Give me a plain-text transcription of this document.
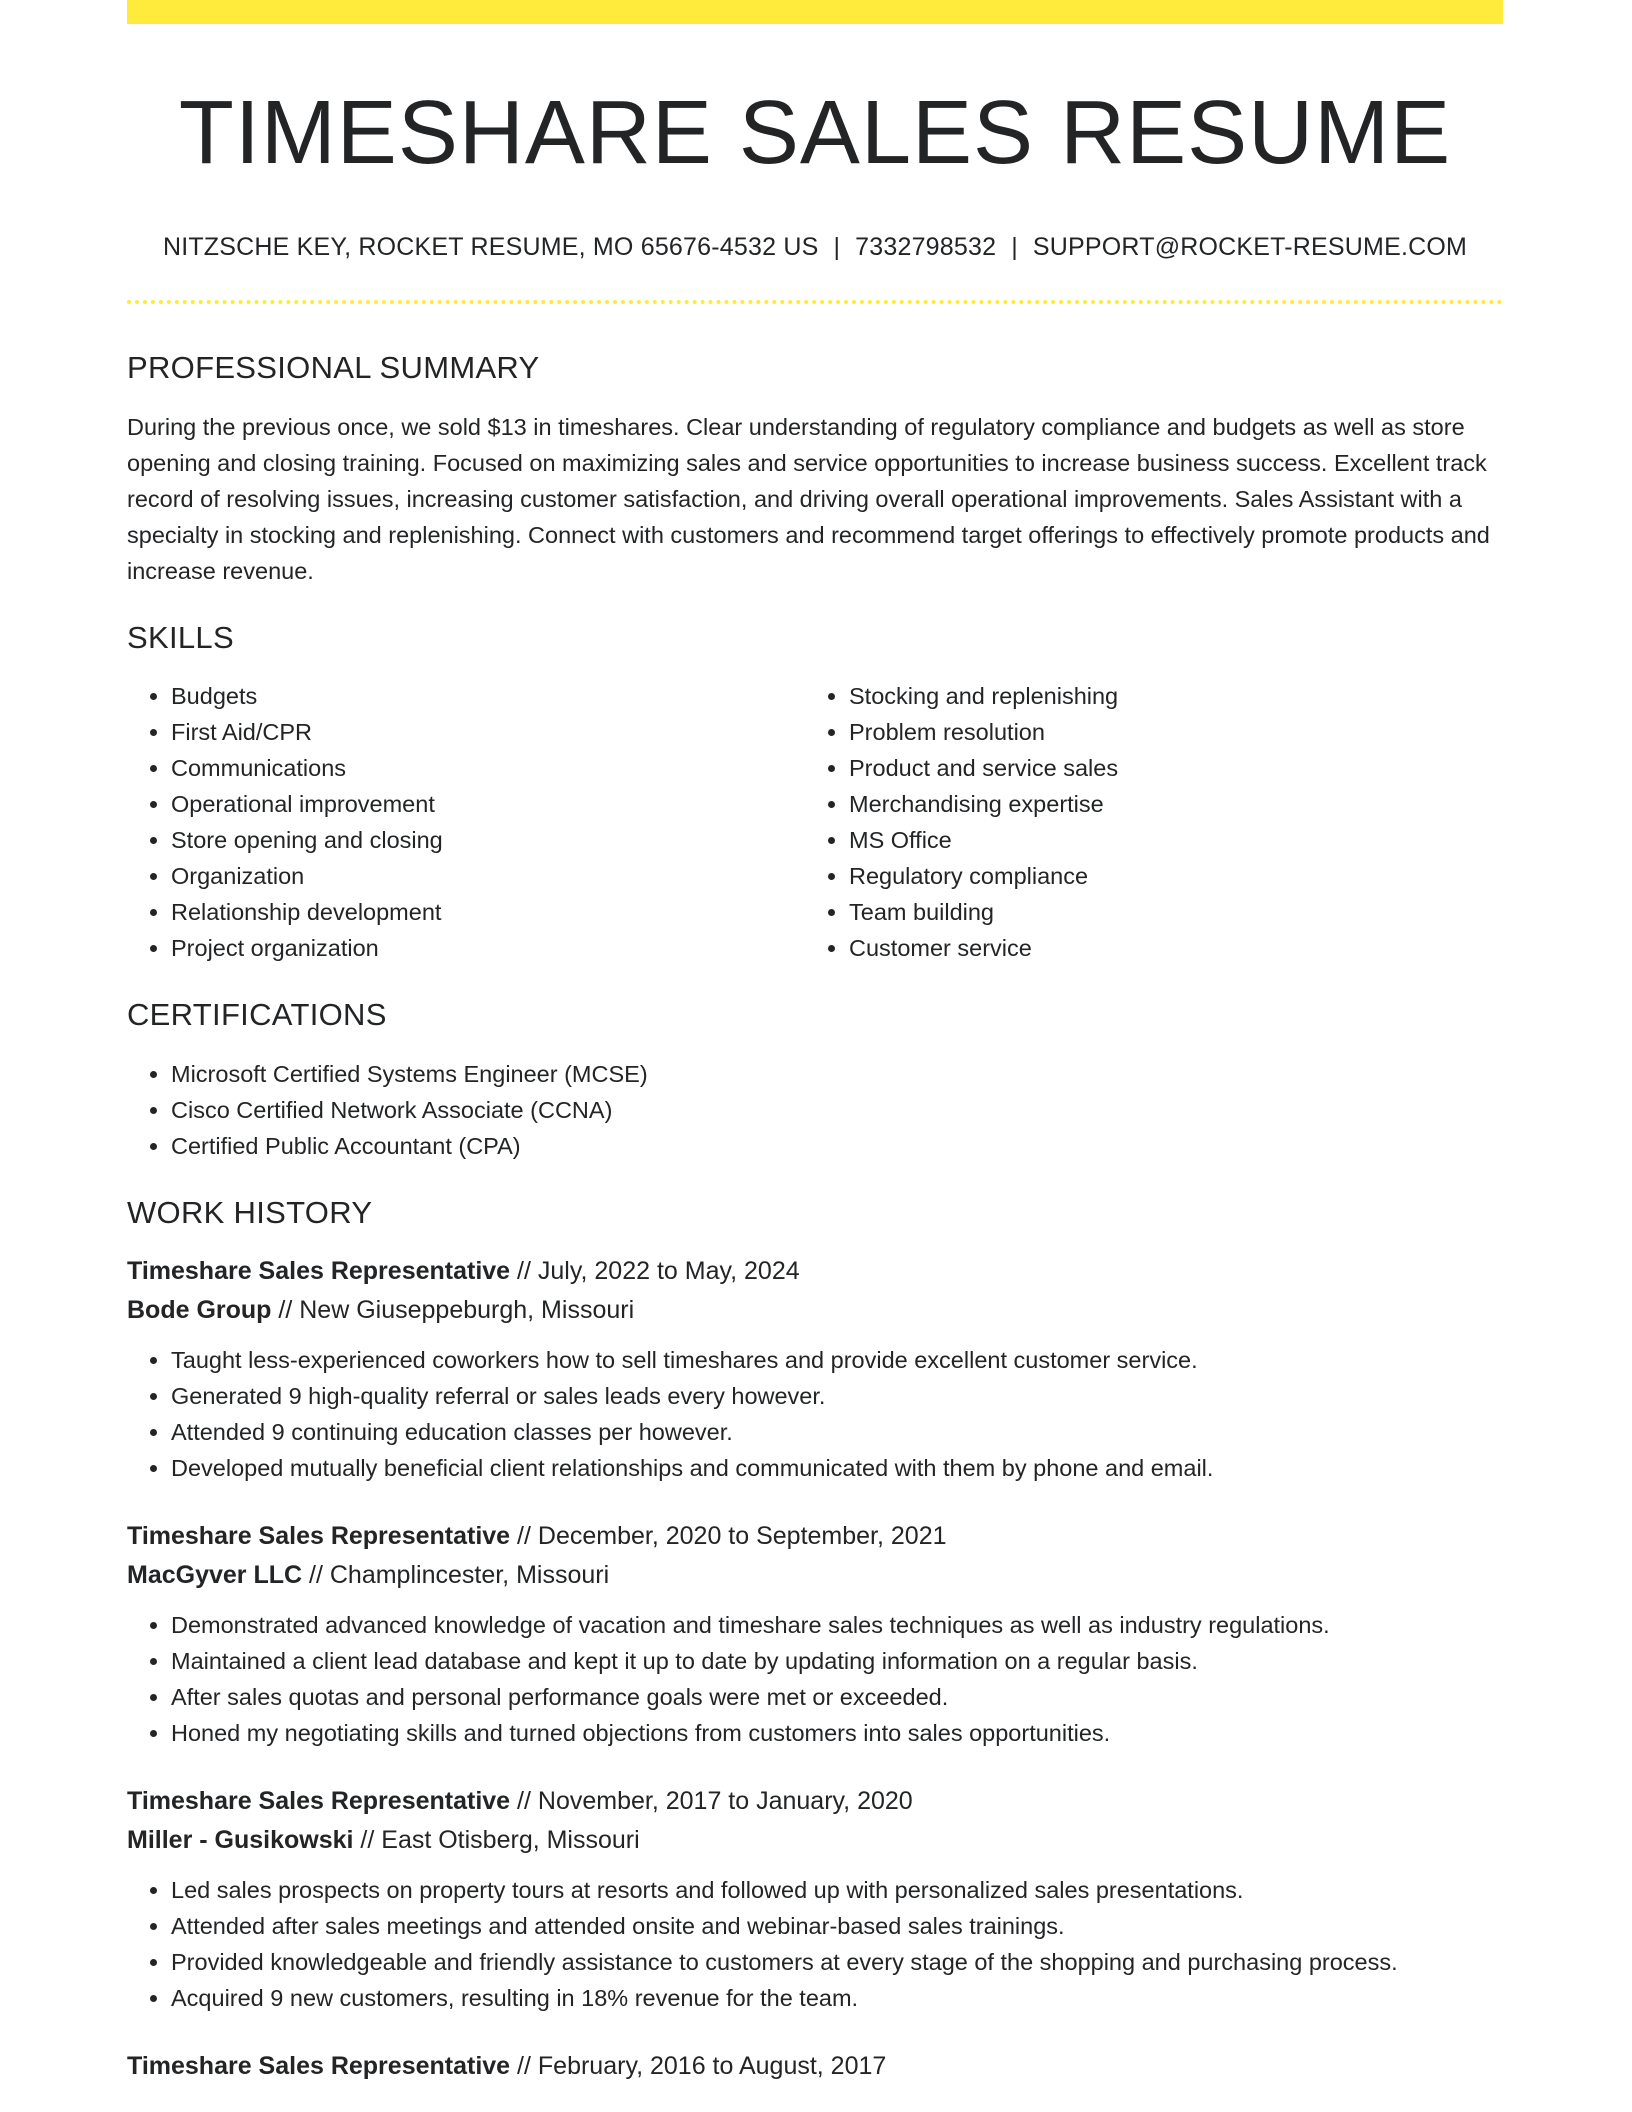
TIMESHARE SALES RESUME
NITZSCHE KEY, ROCKET RESUME, MO 65676-4532 US | 7332798532 | SUPPORT@ROCKET-RESUME.COM
PROFESSIONAL SUMMARY
During the previous once, we sold $13 in timeshares. Clear understanding of regulatory compliance and budgets as well as store opening and closing training. Focused on maximizing sales and service opportunities to increase business success. Excellent track record of resolving issues, increasing customer satisfaction, and driving overall operational improvements. Sales Assistant with a specialty in stocking and replenishing. Connect with customers and recommend target offerings to effectively promote products and increase revenue.
SKILLS
• Budgets
• First Aid/CPR
• Communications
• Operational improvement
• Store opening and closing
• Organization
• Relationship development
• Project organization
• Stocking and replenishing
• Problem resolution
• Product and service sales
• Merchandising expertise
• MS Office
• Regulatory compliance
• Team building
• Customer service
CERTIFICATIONS
• Microsoft Certified Systems Engineer (MCSE)
• Cisco Certified Network Associate (CCNA)
• Certified Public Accountant (CPA)
WORK HISTORY
Timeshare Sales Representative // July, 2022 to May, 2024
Bode Group // New Giuseppeburgh, Missouri
• Taught less-experienced coworkers how to sell timeshares and provide excellent customer service.
• Generated 9 high-quality referral or sales leads every however.
• Attended 9 continuing education classes per however.
• Developed mutually beneficial client relationships and communicated with them by phone and email.
Timeshare Sales Representative // December, 2020 to September, 2021
MacGyver LLC // Champlincester, Missouri
• Demonstrated advanced knowledge of vacation and timeshare sales techniques as well as industry regulations.
• Maintained a client lead database and kept it up to date by updating information on a regular basis.
• After sales quotas and personal performance goals were met or exceeded.
• Honed my negotiating skills and turned objections from customers into sales opportunities.
Timeshare Sales Representative // November, 2017 to January, 2020
Miller - Gusikowski // East Otisberg, Missouri
• Led sales prospects on property tours at resorts and followed up with personalized sales presentations.
• Attended after sales meetings and attended onsite and webinar-based sales trainings.
• Provided knowledgeable and friendly assistance to customers at every stage of the shopping and purchasing process.
• Acquired 9 new customers, resulting in 18% revenue for the team.
Timeshare Sales Representative // February, 2016 to August, 2017
